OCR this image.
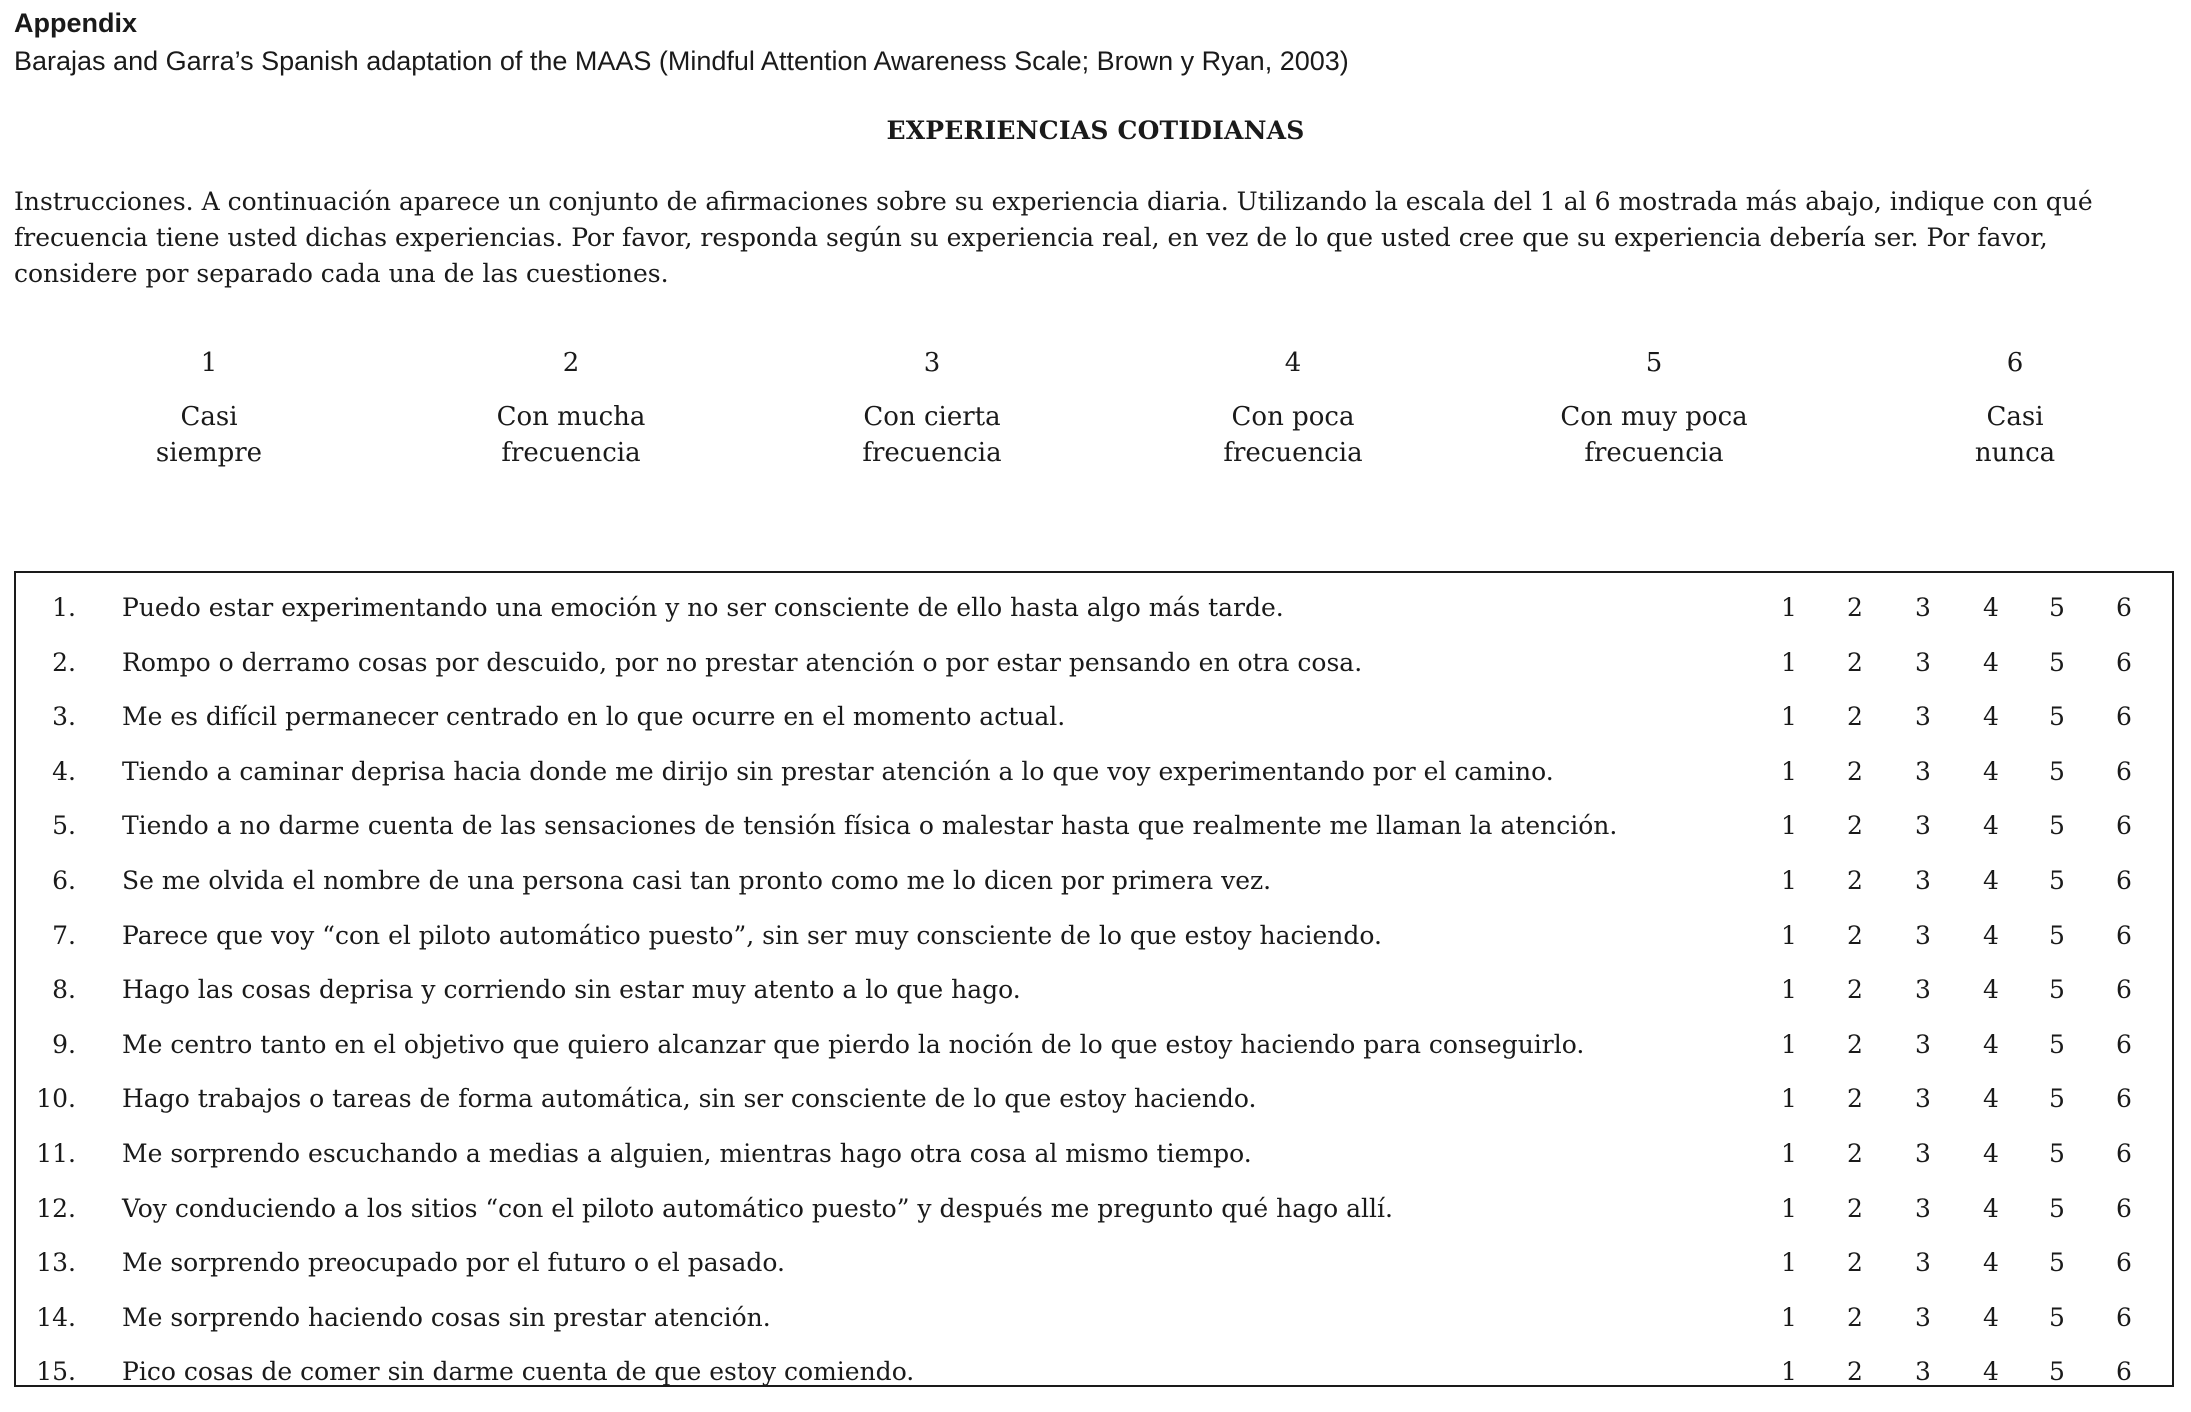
Appendix

Barajas and Garra’s Spanish adaptation of the MAAS (Mindful Attention Awareness Scale; Brown y Ryan, 2003)

EXPERIENCIAS COTIDIANAS

Instrucciones. A continuación aparece un conjunto de afirmaciones sobre su experiencia diaria. Utilizando la escala del 1 al 6 mostrada más abajo, indique con qué frecuencia tiene usted dichas experiencias. Por favor, responda según su experiencia real, en vez de lo que usted cree que su experiencia debería ser. Por favor, considere por separado cada una de las cuestiones.

1
Casi
siempre
2
Con mucha
frecuencia
3
Con cierta
frecuencia
4
Con poca
frecuencia
5
Con muy poca
frecuencia
6
Casi
nunca
1. Puedo estar experimentando una emoción y no ser consciente de ello hasta algo más tarde.	1	2	3	4	5	6
2. Rompo o derramo cosas por descuido, por no prestar atención o por estar pensando en otra cosa.	1	2	3	4	5	6
3. Me es difícil permanecer centrado en lo que ocurre en el momento actual.	1	2	3	4	5	6
4. Tiendo a caminar deprisa hacia donde me dirijo sin prestar atención a lo que voy experimentando por el camino.	1	2	3	4	5	6
5. Tiendo a no darme cuenta de las sensaciones de tensión física o malestar hasta que realmente me llaman la atención.	1	2	3	4	5	6
6. Se me olvida el nombre de una persona casi tan pronto como me lo dicen por primera vez.	1	2	3	4	5	6
7. Parece que voy “con el piloto automático puesto”, sin ser muy consciente de lo que estoy haciendo.	1	2	3	4	5	6
8. Hago las cosas deprisa y corriendo sin estar muy atento a lo que hago.	1	2	3	4	5	6
9. Me centro tanto en el objetivo que quiero alcanzar que pierdo la noción de lo que estoy haciendo para conseguirlo.	1	2	3	4	5	6
10. Hago trabajos o tareas de forma automática, sin ser consciente de lo que estoy haciendo.	1	2	3	4	5	6
11. Me sorprendo escuchando a medias a alguien, mientras hago otra cosa al mismo tiempo.	1	2	3	4	5	6
12. Voy conduciendo a los sitios “con el piloto automático puesto” y después me pregunto qué hago allí.	1	2	3	4	5	6
13. Me sorprendo preocupado por el futuro o el pasado.	1	2	3	4	5	6
14. Me sorprendo haciendo cosas sin prestar atención.	1	2	3	4	5	6
15. Pico cosas de comer sin darme cuenta de que estoy comiendo.	1	2	3	4	5	6
